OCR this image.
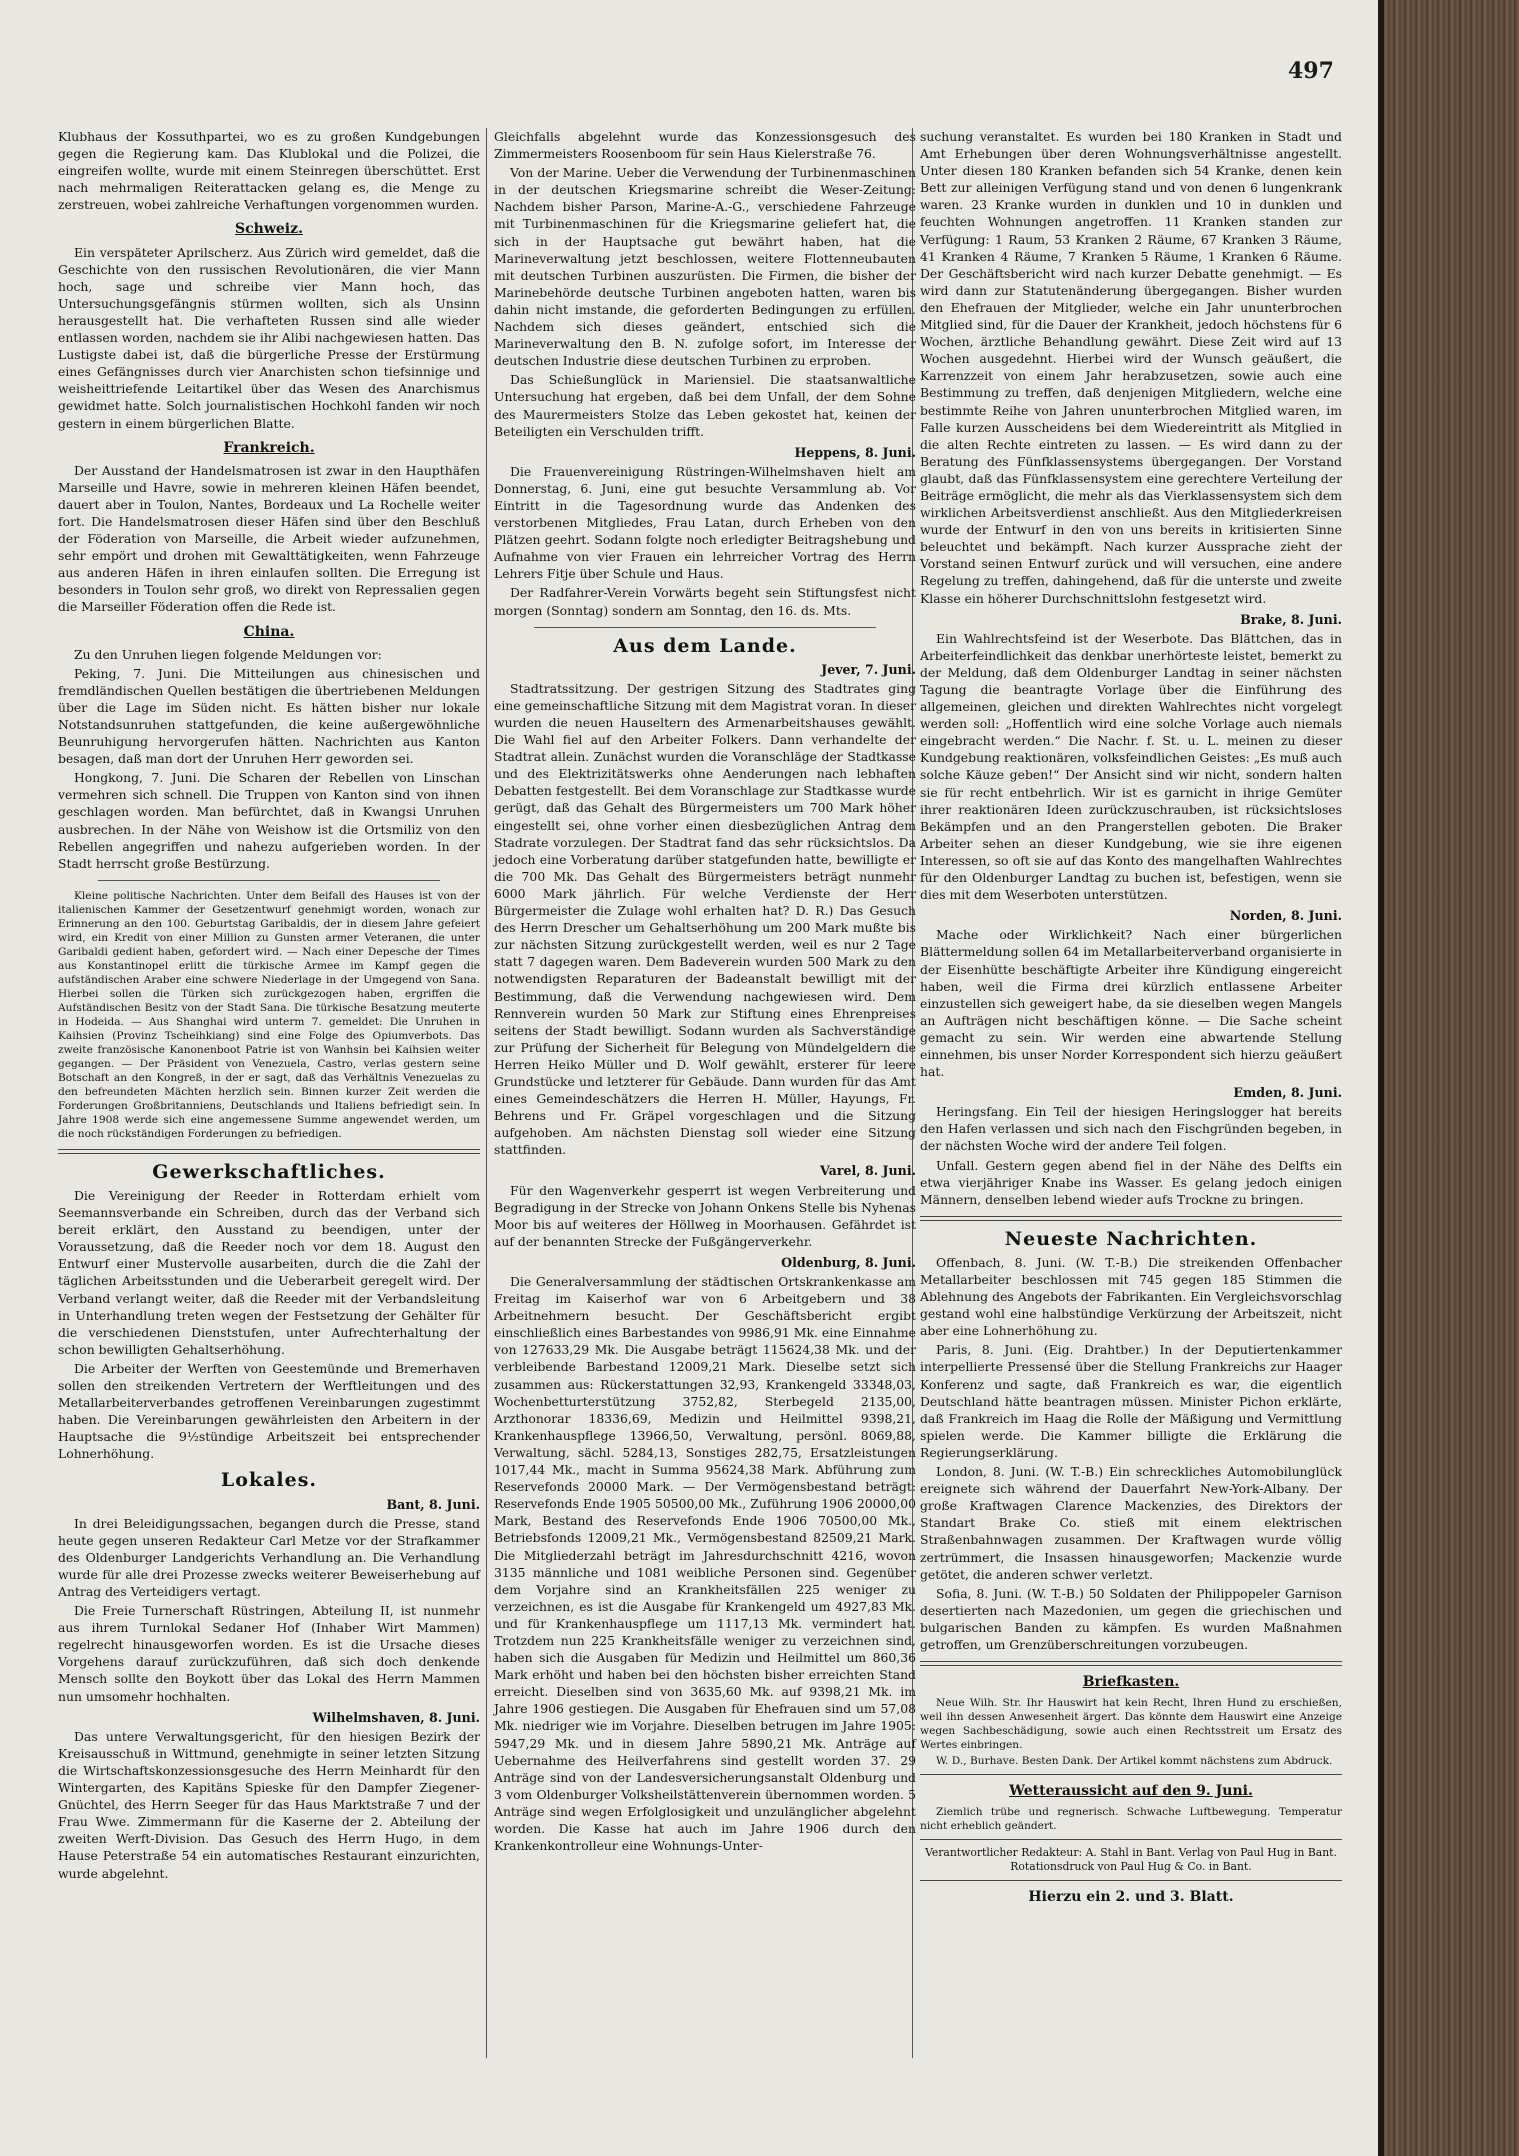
497

Klubhaus der Kossuthpartei, wo es zu großen Kundgebungen gegen die Regierung kam. Das Klublokal und die Polizei, die eingreifen wollte, wurde mit einem Steinregen überschüttet. Erst nach mehrmaligen Reiterattacken gelang es, die Menge zu zerstreuen, wobei zahlreiche Verhaftungen vorgenommen wurden.

Schweiz.

Ein verspäteter Aprilscherz. Aus Zürich wird gemeldet, daß die Geschichte von den russischen Revolutionären, die vier Mann hoch, sage und schreibe vier Mann hoch, das Untersuchungsgefängnis stürmen wollten, sich als Unsinn herausgestellt hat. Die verhafteten Russen sind alle wieder entlassen worden, nachdem sie ihr Alibi nachgewiesen hatten. Das Lustigste dabei ist, daß die bürgerliche Presse der Erstürmung eines Gefängnisses durch vier Anarchisten schon tiefsinnige und weisheittriefende Leitartikel über das Wesen des Anarchismus gewidmet hatte. Solch journalistischen Hochkohl fanden wir noch gestern in einem bürgerlichen Blatte.

Frankreich.

Der Ausstand der Handelsmatrosen ist zwar in den Haupthäfen Marseille und Havre, sowie in mehreren kleinen Häfen beendet, dauert aber in Toulon, Nantes, Bordeaux und La Rochelle weiter fort. Die Handelsmatrosen dieser Häfen sind über den Beschluß der Föderation von Marseille, die Arbeit wieder aufzunehmen, sehr empört und drohen mit Gewalttätigkeiten, wenn Fahrzeuge aus anderen Häfen in ihren einlaufen sollten. Die Erregung ist besonders in Toulon sehr groß, wo direkt von Repressalien gegen die Marseiller Föderation offen die Rede ist.

China.

Zu den Unruhen liegen folgende Meldungen vor:

Peking, 7. Juni. Die Mitteilungen aus chinesischen und fremdländischen Quellen bestätigen die übertriebenen Meldungen über die Lage im Süden nicht. Es hätten bisher nur lokale Notstandsunruhen stattgefunden, die keine außergewöhnliche Beunruhigung hervorgerufen hätten. Nachrichten aus Kanton besagen, daß man dort der Unruhen Herr geworden sei.

Hongkong, 7. Juni. Die Scharen der Rebellen von Linschan vermehren sich schnell. Die Truppen von Kanton sind von ihnen geschlagen worden. Man befürchtet, daß in Kwangsi Unruhen ausbrechen. In der Nähe von Weishow ist die Ortsmiliz von den Rebellen angegriffen und nahezu aufgerieben worden. In der Stadt herrscht große Bestürzung.

Kleine politische Nachrichten. Unter dem Beifall des Hauses ist von der italienischen Kammer der Gesetzentwurf genehmigt worden, wonach zur Erinnerung an den 100. Geburtstag Garibaldis, der in diesem Jahre gefeiert wird, ein Kredit von einer Million zu Gunsten armer Veteranen, die unter Garibaldi gedient haben, gefordert wird. — Nach einer Depesche der Times aus Konstantinopel erlitt die türkische Armee im Kampf gegen die aufständischen Araber eine schwere Niederlage in der Umgegend von Sana. Hierbei sollen die Türken sich zurückgezogen haben, ergriffen die Aufständischen Besitz von der Stadt Sana. Die türkische Besatzung meuterte in Hodeida. — Aus Shanghai wird unterm 7. gemeldet: Die Unruhen in Kaihsien (Provinz Tscheihkiang) sind eine Folge des Opiumverbots. Das zweite französische Kanonenboot Patrie ist von Wanhsin bei Kaihsien weiter gegangen. — Der Präsident von Venezuela, Castro, verlas gestern seine Botschaft an den Kongreß, in der er sagt, daß das Verhältnis Venezuelas zu den befreundeten Mächten herzlich sein. Binnen kurzer Zeit werden die Forderungen Großbritanniens, Deutschlands und Italiens befriedigt sein. In Jahre 1908 werde sich eine angemessene Summe angewendet werden, um die noch rückständigen Forderungen zu befriedigen.

Gewerkschaftliches.

Die Vereinigung der Reeder in Rotterdam erhielt vom Seemannsverbande ein Schreiben, durch das der Verband sich bereit erklärt, den Ausstand zu beendigen, unter der Voraussetzung, daß die Reeder noch vor dem 18. August den Entwurf einer Mustervolle ausarbeiten, durch die die Zahl der täglichen Arbeitsstunden und die Ueberarbeit geregelt wird. Der Verband verlangt weiter, daß die Reeder mit der Verbandsleitung in Unterhandlung treten wegen der Festsetzung der Gehälter für die verschiedenen Dienststufen, unter Aufrechterhaltung der schon bewilligten Gehaltserhöhung.

Die Arbeiter der Werften von Geestemünde und Bremerhaven sollen den streikenden Vertretern der Werftleitungen und des Metallarbeiterverbandes getroffenen Vereinbarungen zugestimmt haben. Die Vereinbarungen gewährleisten den Arbeitern in der Hauptsache die 9½stündige Arbeitszeit bei entsprechender Lohnerhöhung.

Lokales.
Bant, 8. Juni.

In drei Beleidigungssachen, begangen durch die Presse, stand heute gegen unseren Redakteur Carl Metze vor der Strafkammer des Oldenburger Landgerichts Verhandlung an. Die Verhandlung wurde für alle drei Prozesse zwecks weiterer Beweiserhebung auf Antrag des Verteidigers vertagt.

Die Freie Turnerschaft Rüstringen, Abteilung II, ist nunmehr aus ihrem Turnlokal Sedaner Hof (Inhaber Wirt Mammen) regelrecht hinausgeworfen worden. Es ist die Ursache dieses Vorgehens darauf zurückzuführen, daß sich doch denkende Mensch sollte den Boykott über das Lokal des Herrn Mammen nun umsomehr hochhalten.

Wilhelmshaven, 8. Juni.

Das untere Verwaltungsgericht, für den hiesigen Bezirk der Kreisausschuß in Wittmund, genehmigte in seiner letzten Sitzung die Wirtschaftskonzessionsgesuche des Herrn Meinhardt für den Wintergarten, des Kapitäns Spieske für den Dampfer Ziegener-Gnüchtel, des Herrn Seeger für das Haus Marktstraße 7 und der Frau Wwe. Zimmermann für die Kaserne der 2. Abteilung der zweiten Werft-Division. Das Gesuch des Herrn Hugo, in dem Hause Peterstraße 54 ein automatisches Restaurant einzurichten, wurde abgelehnt.

Gleichfalls abgelehnt wurde das Konzessionsgesuch des Zimmermeisters Roosenboom für sein Haus Kielerstraße 76.

Von der Marine. Ueber die Verwendung der Turbinenmaschinen in der deutschen Kriegsmarine schreibt die Weser-Zeitung: Nachdem bisher Parson, Marine-A.-G., verschiedene Fahrzeuge mit Turbinenmaschinen für die Kriegsmarine geliefert hat, die sich in der Hauptsache gut bewährt haben, hat die Marineverwaltung jetzt beschlossen, weitere Flottenneubauten mit deutschen Turbinen auszurüsten. Die Firmen, die bisher der Marinebehörde deutsche Turbinen angeboten hatten, waren bis dahin nicht imstande, die geforderten Bedingungen zu erfüllen. Nachdem sich dieses geändert, entschied sich die Marineverwaltung den B. N. zufolge sofort, im Interesse der deutschen Industrie diese deutschen Turbinen zu erproben.

Das Schießunglück in Mariensiel. Die staatsanwaltliche Untersuchung hat ergeben, daß bei dem Unfall, der dem Sohne des Maurermeisters Stolze das Leben gekostet hat, keinen der Beteiligten ein Verschulden trifft.

Heppens, 8. Juni.

Die Frauenvereinigung Rüstringen-Wilhelmshaven hielt am Donnerstag, 6. Juni, eine gut besuchte Versammlung ab. Vor Eintritt in die Tagesordnung wurde das Andenken des verstorbenen Mitgliedes, Frau Latan, durch Erheben von den Plätzen geehrt. Sodann folgte noch erledigter Beitragshebung und Aufnahme von vier Frauen ein lehrreicher Vortrag des Herrn Lehrers Fitje über Schule und Haus.

Der Radfahrer-Verein Vorwärts begeht sein Stiftungsfest nicht morgen (Sonntag) sondern am Sonntag, den 16. ds. Mts.

Aus dem Lande.
Jever, 7. Juni.

Stadtratssitzung. Der gestrigen Sitzung des Stadtrates ging eine gemeinschaftliche Sitzung mit dem Magistrat voran. In dieser wurden die neuen Hauseltern des Armenarbeitshauses gewählt. Die Wahl fiel auf den Arbeiter Folkers. Dann verhandelte der Stadtrat allein. Zunächst wurden die Voranschläge der Stadtkasse und des Elektrizitätswerks ohne Aenderungen nach lebhaften Debatten festgestellt. Bei dem Voranschlage zur Stadtkasse wurde gerügt, daß das Gehalt des Bürgermeisters um 700 Mark höher eingestellt sei, ohne vorher einen diesbezüglichen Antrag dem Stadrate vorzulegen. Der Stadtrat fand das sehr rücksichtslos. Da jedoch eine Vorberatung darüber statgefunden hatte, bewilligte er die 700 Mk. Das Gehalt des Bürgermeisters beträgt nunmehr 6000 Mark jährlich. Für welche Verdienste der Herr Bürgermeister die Zulage wohl erhalten hat? D. R.) Das Gesuch des Herrn Drescher um Gehaltserhöhung um 200 Mark mußte bis zur nächsten Sitzung zurückgestellt werden, weil es nur 2 Tage statt 7 dagegen waren. Dem Badeverein wurden 500 Mark zu den notwendigsten Reparaturen der Badeanstalt bewilligt mit der Bestimmung, daß die Verwendung nachgewiesen wird. Dem Rennverein wurden 50 Mark zur Stiftung eines Ehrenpreises seitens der Stadt bewilligt. Sodann wurden als Sachverständige zur Prüfung der Sicherheit für Belegung von Mündelgeldern die Herren Heiko Müller und D. Wolf gewählt, ersterer für leere Grundstücke und letzterer für Gebäude. Dann wurden für das Amt eines Gemeindeschätzers die Herren H. Müller, Hayungs, Fr. Behrens und Fr. Gräpel vorgeschlagen und die Sitzung aufgehoben. Am nächsten Dienstag soll wieder eine Sitzung stattfinden.

Varel, 8. Juni.

Für den Wagenverkehr gesperrt ist wegen Verbreiterung und Begradigung in der Strecke von Johann Onkens Stelle bis Nyhenas Moor bis auf weiteres der Höllweg in Moorhausen. Gefährdet ist auf der benannten Strecke der Fußgängerverkehr.

Oldenburg, 8. Juni.

Die Generalversammlung der städtischen Ortskrankenkasse am Freitag im Kaiserhof war von 6 Arbeitgebern und 38 Arbeitnehmern besucht. Der Geschäftsbericht ergibt einschließlich eines Barbestandes von 9986,91 Mk. eine Einnahme von 127633,29 Mk. Die Ausgabe beträgt 115624,38 Mk. und der verbleibende Barbestand 12009,21 Mark. Dieselbe setzt sich zusammen aus: Rückerstattungen 32,93, Krankengeld 33348,03, Wochenbetturterstützung 3752,82, Sterbegeld 2135,00, Arzthonorar 18336,69, Medizin und Heilmittel 9398,21, Krankenhauspflege 13966,50, Verwaltung, persönl. 8069,88, Verwaltung, sächl. 5284,13, Sonstiges 282,75, Ersatzleistungen 1017,44 Mk., macht in Summa 95624,38 Mark. Abführung zum Reservefonds 20000 Mark. — Der Vermögensbestand beträgt: Reservefonds Ende 1905 50500,00 Mk., Zuführung 1906 20000,00 Mark, Bestand des Reservefonds Ende 1906 70500,00 Mk., Betriebsfonds 12009,21 Mk., Vermögensbestand 82509,21 Mark. Die Mitgliederzahl beträgt im Jahresdurchschnitt 4216, wovon 3135 männliche und 1081 weibliche Personen sind. Gegenüber dem Vorjahre sind an Krankheitsfällen 225 weniger zu verzeichnen, es ist die Ausgabe für Krankengeld um 4927,83 Mk. und für Krankenhauspflege um 1117,13 Mk. vermindert hat. Trotzdem nun 225 Krankheitsfälle weniger zu verzeichnen sind, haben sich die Ausgaben für Medizin und Heilmittel um 860,36 Mark erhöht und haben bei den höchsten bisher erreichten Stand erreicht. Dieselben sind von 3635,60 Mk. auf 9398,21 Mk. im Jahre 1906 gestiegen. Die Ausgaben für Ehefrauen sind um 57,08 Mk. niedriger wie im Vorjahre. Dieselben betrugen im Jahre 1905: 5947,29 Mk. und in diesem Jahre 5890,21 Mk. Anträge auf Uebernahme des Heilverfahrens sind gestellt worden 37. 29 Anträge sind von der Landesversicherungsanstalt Oldenburg und 3 vom Oldenburger Volksheilstättenverein übernommen worden. 5 Anträge sind wegen Erfolglosigkeit und unzulänglicher abgelehnt worden. Die Kasse hat auch im Jahre 1906 durch den Krankenkontrolleur eine Wohnungs-Unter-

suchung veranstaltet. Es wurden bei 180 Kranken in Stadt und Amt Erhebungen über deren Wohnungsverhältnisse angestellt. Unter diesen 180 Kranken befanden sich 54 Kranke, denen kein Bett zur alleinigen Verfügung stand und von denen 6 lungenkrank waren. 23 Kranke wurden in dunklen und 10 in dunklen und feuchten Wohnungen angetroffen. 11 Kranken standen zur Verfügung: 1 Raum, 53 Kranken 2 Räume, 67 Kranken 3 Räume, 41 Kranken 4 Räume, 7 Kranken 5 Räume, 1 Kranken 6 Räume. Der Geschäftsbericht wird nach kurzer Debatte genehmigt. — Es wird dann zur Statutenänderung übergegangen. Bisher wurden den Ehefrauen der Mitglieder, welche ein Jahr ununterbrochen Mitglied sind, für die Dauer der Krankheit, jedoch höchstens für 6 Wochen, ärztliche Behandlung gewährt. Diese Zeit wird auf 13 Wochen ausgedehnt. Hierbei wird der Wunsch geäußert, die Karrenzzeit von einem Jahr herabzusetzen, sowie auch eine Bestimmung zu treffen, daß denjenigen Mitgliedern, welche eine bestimmte Reihe von Jahren ununterbrochen Mitglied waren, im Falle kurzen Ausscheidens bei dem Wiedereintritt als Mitglied in die alten Rechte eintreten zu lassen. — Es wird dann zu der Beratung des Fünfklassensystems übergegangen. Der Vorstand glaubt, daß das Fünfklassensystem eine gerechtere Verteilung der Beiträge ermöglicht, die mehr als das Vierklassensystem sich dem wirklichen Arbeitsverdienst anschließt. Aus den Mitgliederkreisen wurde der Entwurf in den von uns bereits in kritisierten Sinne beleuchtet und bekämpft. Nach kurzer Aussprache zieht der Vorstand seinen Entwurf zurück und will versuchen, eine andere Regelung zu treffen, dahingehend, daß für die unterste und zweite Klasse ein höherer Durchschnittslohn festgesetzt wird.

Brake, 8. Juni.

Ein Wahlrechtsfeind ist der Weserbote. Das Blättchen, das in Arbeiterfeindlichkeit das denkbar unerhörteste leistet, bemerkt zu der Meldung, daß dem Oldenburger Landtag in seiner nächsten Tagung die beantragte Vorlage über die Einführung des allgemeinen, gleichen und direkten Wahlrechtes nicht vorgelegt werden soll: „Hoffentlich wird eine solche Vorlage auch niemals eingebracht werden.“ Die Nachr. f. St. u. L. meinen zu dieser Kundgebung reaktionären, volksfeindlichen Geistes: „Es muß auch solche Käuze geben!“ Der Ansicht sind wir nicht, sondern halten sie für recht entbehrlich. Wir ist es garnicht in ihrige Gemüter ihrer reaktionären Ideen zurückzuschrauben, ist rücksichtsloses Bekämpfen und an den Prangerstellen geboten. Die Braker Arbeiter sehen an dieser Kundgebung, wie sie ihre eigenen Interessen, so oft sie auf das Konto des mangelhaften Wahlrechtes für den Oldenburger Landtag zu buchen ist, befestigen, wenn sie dies mit dem Weserboten unterstützen.

Norden, 8. Juni.

Mache oder Wirklichkeit? Nach einer bürgerlichen Blättermeldung sollen 64 im Metallarbeiterverband organisierte in der Eisenhütte beschäftigte Arbeiter ihre Kündigung eingereicht haben, weil die Firma drei kürzlich entlassene Arbeiter einzustellen sich geweigert habe, da sie dieselben wegen Mangels an Aufträgen nicht beschäftigen könne. — Die Sache scheint gemacht zu sein. Wir werden eine abwartende Stellung einnehmen, bis unser Norder Korrespondent sich hierzu geäußert hat.

Emden, 8. Juni.

Heringsfang. Ein Teil der hiesigen Heringslogger hat bereits den Hafen verlassen und sich nach den Fischgründen begeben, in der nächsten Woche wird der andere Teil folgen.

Unfall. Gestern gegen abend fiel in der Nähe des Delfts ein etwa vierjähriger Knabe ins Wasser. Es gelang jedoch einigen Männern, denselben lebend wieder aufs Trockne zu bringen.

Neueste Nachrichten.

Offenbach, 8. Juni. (W. T.-B.) Die streikenden Offenbacher Metallarbeiter beschlossen mit 745 gegen 185 Stimmen die Ablehnung des Angebots der Fabrikanten. Ein Vergleichsvorschlag gestand wohl eine halbstündige Verkürzung der Arbeitszeit, nicht aber eine Lohnerhöhung zu.

Paris, 8. Juni. (Eig. Drahtber.) In der Deputiertenkammer interpellierte Pressensé über die Stellung Frankreichs zur Haager Konferenz und sagte, daß Frankreich es war, die eigentlich Deutschland hätte beantragen müssen. Minister Pichon erklärte, daß Frankreich im Haag die Rolle der Mäßigung und Vermittlung spielen werde. Die Kammer billigte die Erklärung die Regierungserklärung.

London, 8. Juni. (W. T.-B.) Ein schreckliches Automobilunglück ereignete sich während der Dauerfahrt New-York-Albany. Der große Kraftwagen Clarence Mackenzies, des Direktors der Standart Brake Co. stieß mit einem elektrischen Straßenbahnwagen zusammen. Der Kraftwagen wurde völlig zertrümmert, die Insassen hinausgeworfen; Mackenzie wurde getötet, die anderen schwer verletzt.

Sofia, 8. Juni. (W. T.-B.) 50 Soldaten der Philippopeler Garnison desertierten nach Mazedonien, um gegen die griechischen und bulgarischen Banden zu kämpfen. Es wurden Maßnahmen getroffen, um Grenzüberschreitungen vorzubeugen.

Briefkasten.

Neue Wilh. Str. Ihr Hauswirt hat kein Recht, Ihren Hund zu erschießen, weil ihn dessen Anwesenheit ärgert. Das könnte dem Hauswirt eine Anzeige wegen Sachbeschädigung, sowie auch einen Rechtsstreit um Ersatz des Wertes einbringen.

W. D., Burhave. Besten Dank. Der Artikel kommt nächstens zum Abdruck.

Wetteraussicht auf den 9. Juni.

Ziemlich trübe und regnerisch. Schwache Luftbewegung. Temperatur nicht erheblich geändert.

Verantwortlicher Redakteur: A. Stahl in Bant. Verlag von Paul Hug in Bant. Rotationsdruck von Paul Hug & Co. in Bant.
Hierzu ein 2. und 3. Blatt.
